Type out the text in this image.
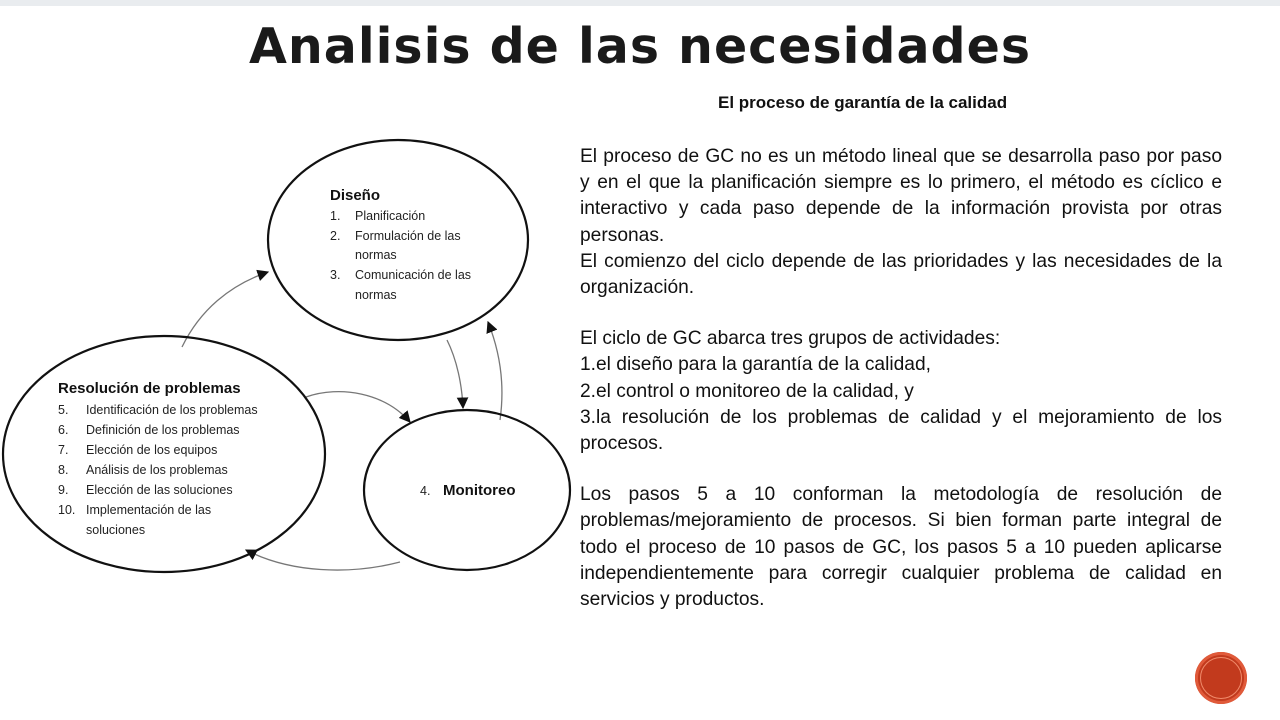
Analisis de las necesidades
El proceso de garantía de la calidad
Diseño
1. Planificación
2. Formulación de las
normas
3. Comunicación de las
normas
Resolución de problemas
5. Identificación de los problemas
6. Definición de los problemas
7. Elección de los equipos
8. Análisis de los problemas
9. Elección de las soluciones
10. Implementación de las
soluciones
4. Monitoreo

El proceso de GC no es un método lineal que se desarrolla paso por paso y en el que la planificación siempre es lo primero, el método es cíclico e interactivo y cada paso depende de la información provista por otras personas.

El comienzo del ciclo depende de las prioridades y las necesidades de la organización.

El ciclo de GC abarca tres grupos de actividades:

1.el diseño para la garantía de la calidad,

2.el control o monitoreo de la calidad, y

3.la resolución de los problemas de calidad y el mejoramiento de los procesos.

Los pasos 5 a 10 conforman la metodología de resolución de problemas/mejoramiento de procesos. Si bien forman parte integral de todo el proceso de 10 pasos de GC, los pasos 5 a 10 pueden aplicarse independientemente para corregir cualquier problema de calidad en servicios y productos.
